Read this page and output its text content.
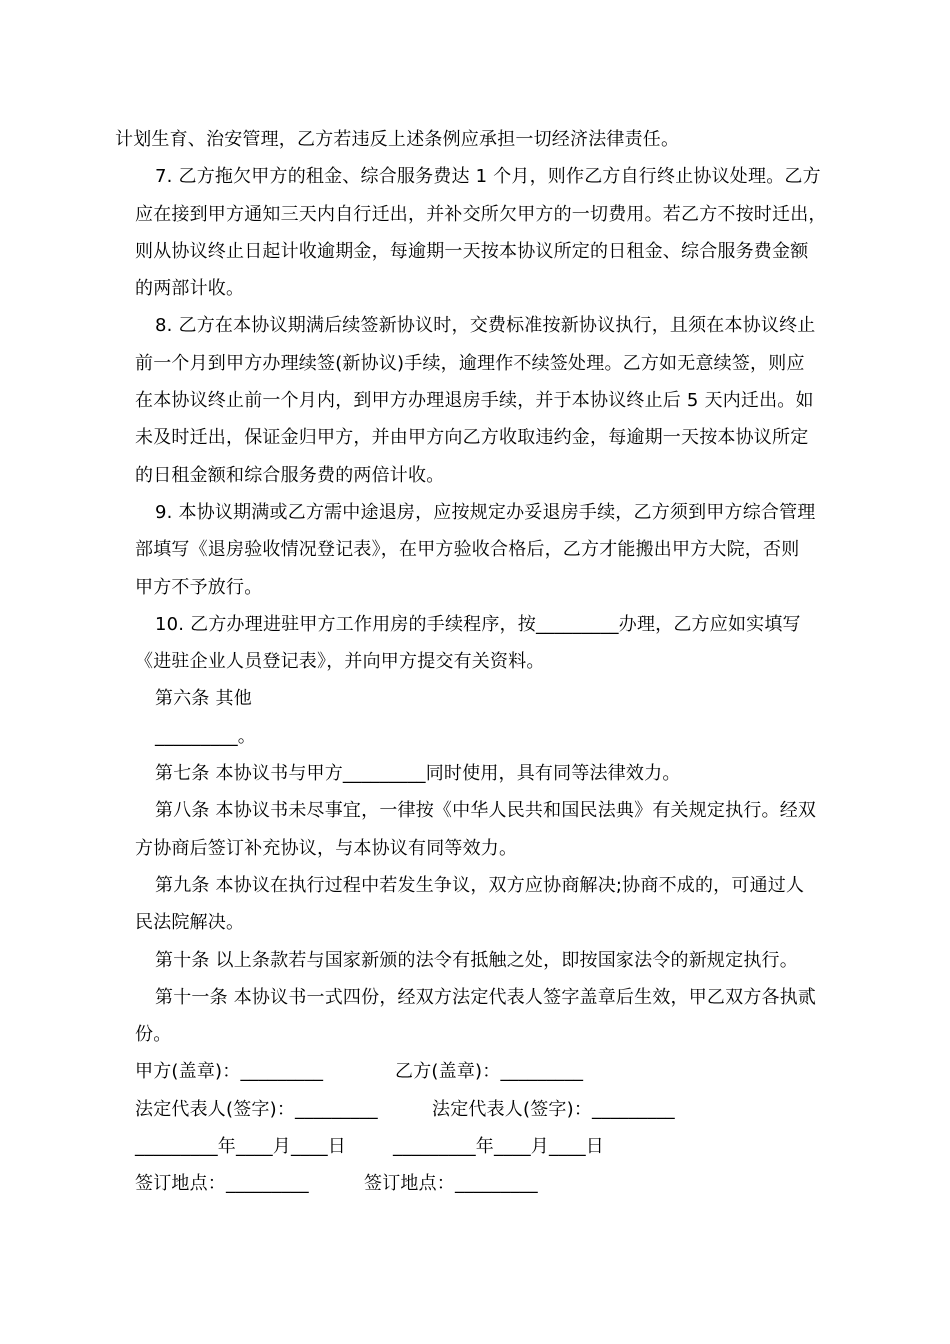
计划生育、治安管理，乙方若违反上述条例应承担一切经济法律责任。
7. 乙方拖欠甲方的租金、综合服务费达 1 个月，则作乙方自行终止协议处理。乙方
应在接到甲方通知三天内自行迁出，并补交所欠甲方的一切费用。若乙方不按时迁出，
则从协议终止日起计收逾期金，每逾期一天按本协议所定的日租金、综合服务费金额
的两部计收。
8. 乙方在本协议期满后续签新协议时，交费标准按新协议执行，且须在本协议终止
前一个月到甲方办理续签(新协议)手续，逾理作不续签处理。乙方如无意续签，则应
在本协议终止前一个月内，到甲方办理退房手续，并于本协议终止后 5 天内迁出。如
未及时迁出，保证金归甲方，并由甲方向乙方收取违约金，每逾期一天按本协议所定
的日租金额和综合服务费的两倍计收。
9. 本协议期满或乙方需中途退房，应按规定办妥退房手续，乙方须到甲方综合管理
部填写《退房验收情况登记表》，在甲方验收合格后，乙方才能搬出甲方大院，否则
甲方不予放行。
10. 乙方办理进驻甲方工作用房的手续程序，按_________办理，乙方应如实填写
《进驻企业人员登记表》，并向甲方提交有关资料。
第六条 其他
_________。
第七条 本协议书与甲方_________同时使用，具有同等法律效力。
第八条 本协议书未尽事宜，一律按《中华人民共和国民法典》有关规定执行。经双
方协商后签订补充协议，与本协议有同等效力。
第九条 本协议在执行过程中若发生争议，双方应协商解决;协商不成的，可通过人
民法院解决。
第十条 以上条款若与国家新颁的法令有抵触之处，即按国家法令的新规定执行。
第十一条 本协议书一式四份，经双方法定代表人签字盖章后生效，甲乙双方各执贰
份。
甲方(盖章)：_________	乙方(盖章)：_________
法定代表人(签字)：_________	法定代表人(签字)：_________
_________年____月____日	_________年____月____日
签订地点：_________	签订地点：_________
